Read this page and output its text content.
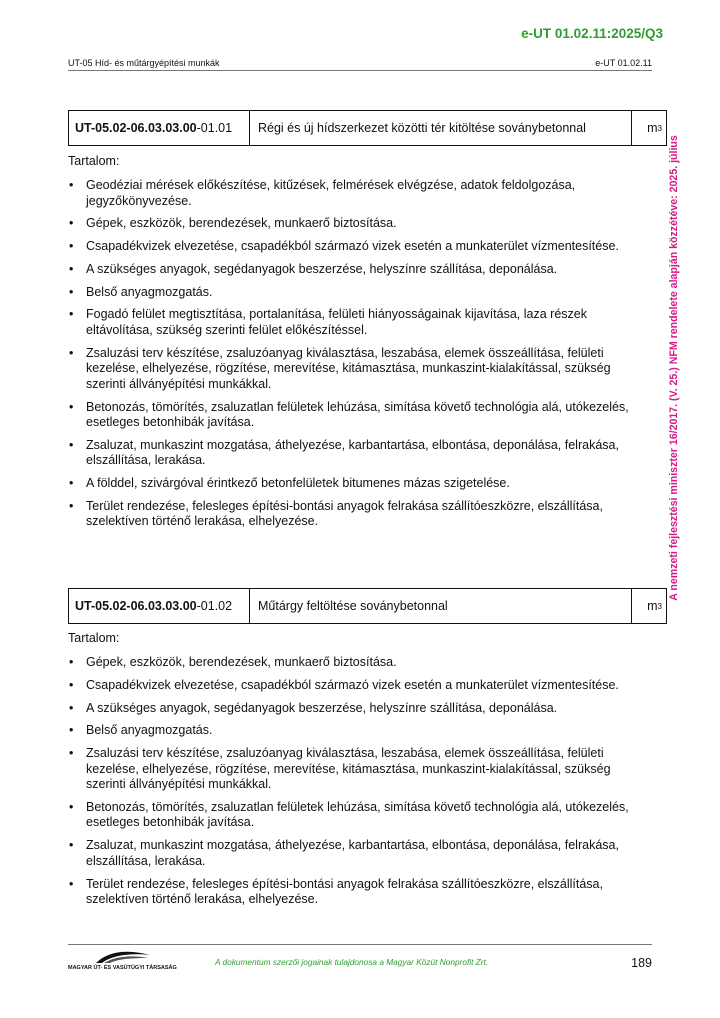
e-UT 01.02.11:2025/Q3
UT-05 Híd- és műtárgyépítési munkák	e-UT 01.02.11
A nemzeti fejlesztési miniszter 16/2017. (V. 25.) NFM rendelete alapján közzétéve: 2025. július
UT-05.02-06.03.03.00 -01.01	Régi és új hídszerkezet közötti tér kitöltése soványbetonnal	m 3
Tartalom:
• Geodéziai mérések előkészítése, kitűzések, felmérések elvégzése, adatok feldolgozása, jegyzőkönyvezése.
• Gépek, eszközök, berendezések, munkaerő biztosítása.
• Csapadékvizek elvezetése, csapadékból származó vizek esetén a munkaterület vízmentesítése.
• A szükséges anyagok, segédanyagok beszerzése, helyszínre szállítása, deponálása.
• Belső anyagmozgatás.
• Fogadó felület megtisztítása, portalanítása, felületi hiányosságainak kijavítása, laza részek eltávolítása, szükség szerinti felület előkészítéssel.
• Zsaluzási terv készítése, zsaluzóanyag kiválasztása, leszabása, elemek összeállítása, felületi kezelése, elhelyezése, rögzítése, merevítése, kitámasztása, munkaszint-kialakítással, szükség szerinti állványépítési munkákkal.
• Betonozás, tömörítés, zsaluzatlan felületek lehúzása, simítása követő technológia alá, utókezelés, esetleges betonhibák javítása.
• Zsaluzat, munkaszint mozgatása, áthelyezése, karbantartása, elbontása, deponálása, felrakása, elszállítása, lerakása.
• A földdel, szivárgóval érintkező betonfelületek bitumenes mázas szigetelése.
• Terület rendezése, felesleges építési-bontási anyagok felrakása szállítóeszközre, elszállítása, szelektíven történő lerakása, elhelyezése.
UT-05.02-06.03.03.00 -01.02	Műtárgy feltöltése soványbetonnal	m 3
Tartalom:
• Gépek, eszközök, berendezések, munkaerő biztosítása.
• Csapadékvizek elvezetése, csapadékból származó vizek esetén a munkaterület vízmentesítése.
• A szükséges anyagok, segédanyagok beszerzése, helyszínre szállítása, deponálása.
• Belső anyagmozgatás.
• Zsaluzási terv készítése, zsaluzóanyag kiválasztása, leszabása, elemek összeállítása, felületi kezelése, elhelyezése, rögzítése, merevítése, kitámasztása, munkaszint-kialakítással, szükség szerinti állványépítési munkákkal.
• Betonozás, tömörítés, zsaluzatlan felületek lehúzása, simítása követő technológia alá, utókezelés, esetleges betonhibák javítása.
• Zsaluzat, munkaszint mozgatása, áthelyezése, karbantartása, elbontása, deponálása, felrakása, elszállítása, lerakása.
• Terület rendezése, felesleges építési-bontási anyagok felrakása szállítóeszközre, elszállítása, szelektíven történő lerakása, elhelyezése.
MAGYAR ÚT- ÉS VASÚTÜGYI TÁRSASÁG
A dokumentum szerzői jogainak tulajdonosa a Magyar Közút Nonprofit Zrt.	189
